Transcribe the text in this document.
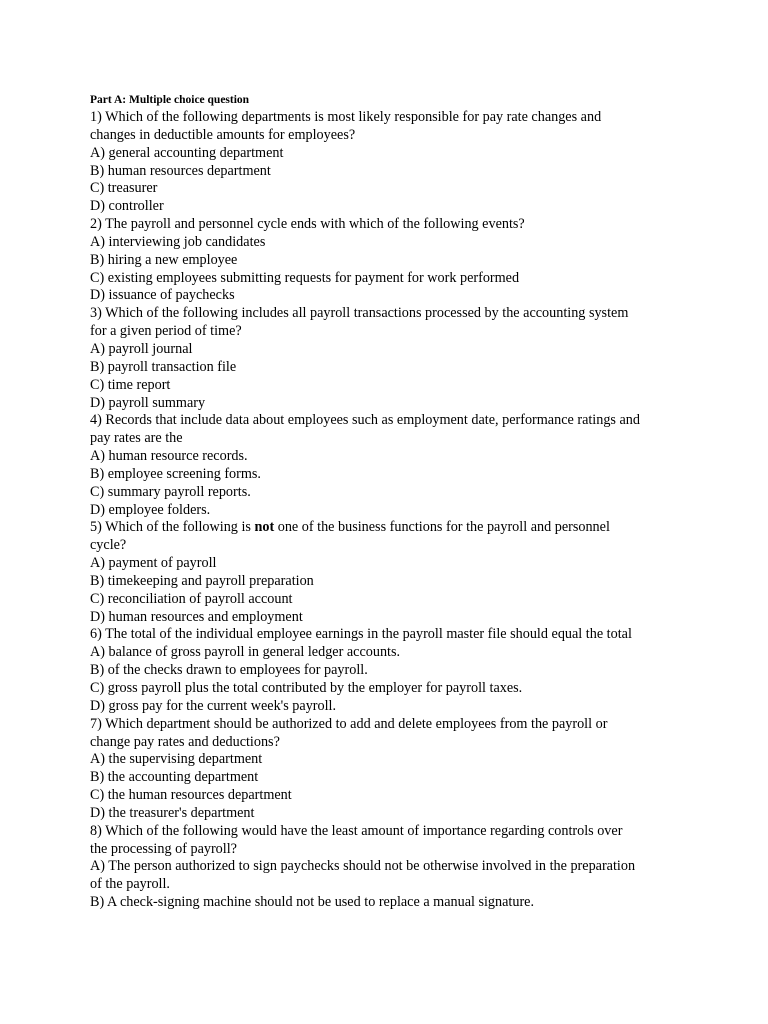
Part A: Multiple choice question
1) Which of the following departments is most likely responsible for pay rate changes and
changes in deductible amounts for employees?
A) general accounting department
B) human resources department
C) treasurer
D) controller
2) The payroll and personnel cycle ends with which of the following events?
A) interviewing job candidates
B) hiring a new employee
C) existing employees submitting requests for payment for work performed
D) issuance of paychecks
3) Which of the following includes all payroll transactions processed by the accounting system
for a given period of time?
A) payroll journal
B) payroll transaction file
C) time report
D) payroll summary
4) Records that include data about employees such as employment date, performance ratings and
pay rates are the
A) human resource records.
B) employee screening forms.
C) summary payroll reports.
D) employee folders.
5) Which of the following is not one of the business functions for the payroll and personnel
cycle?
A) payment of payroll
B) timekeeping and payroll preparation
C) reconciliation of payroll account
D) human resources and employment
6) The total of the individual employee earnings in the payroll master file should equal the total
A) balance of gross payroll in general ledger accounts.
B) of the checks drawn to employees for payroll.
C) gross payroll plus the total contributed by the employer for payroll taxes.
D) gross pay for the current week's payroll.
7) Which department should be authorized to add and delete employees from the payroll or
change pay rates and deductions?
A) the supervising department
B) the accounting department
C) the human resources department
D) the treasurer's department
8) Which of the following would have the least amount of importance regarding controls over
the processing of payroll?
A) The person authorized to sign paychecks should not be otherwise involved in the preparation
of the payroll.
B) A check-signing machine should not be used to replace a manual signature.
